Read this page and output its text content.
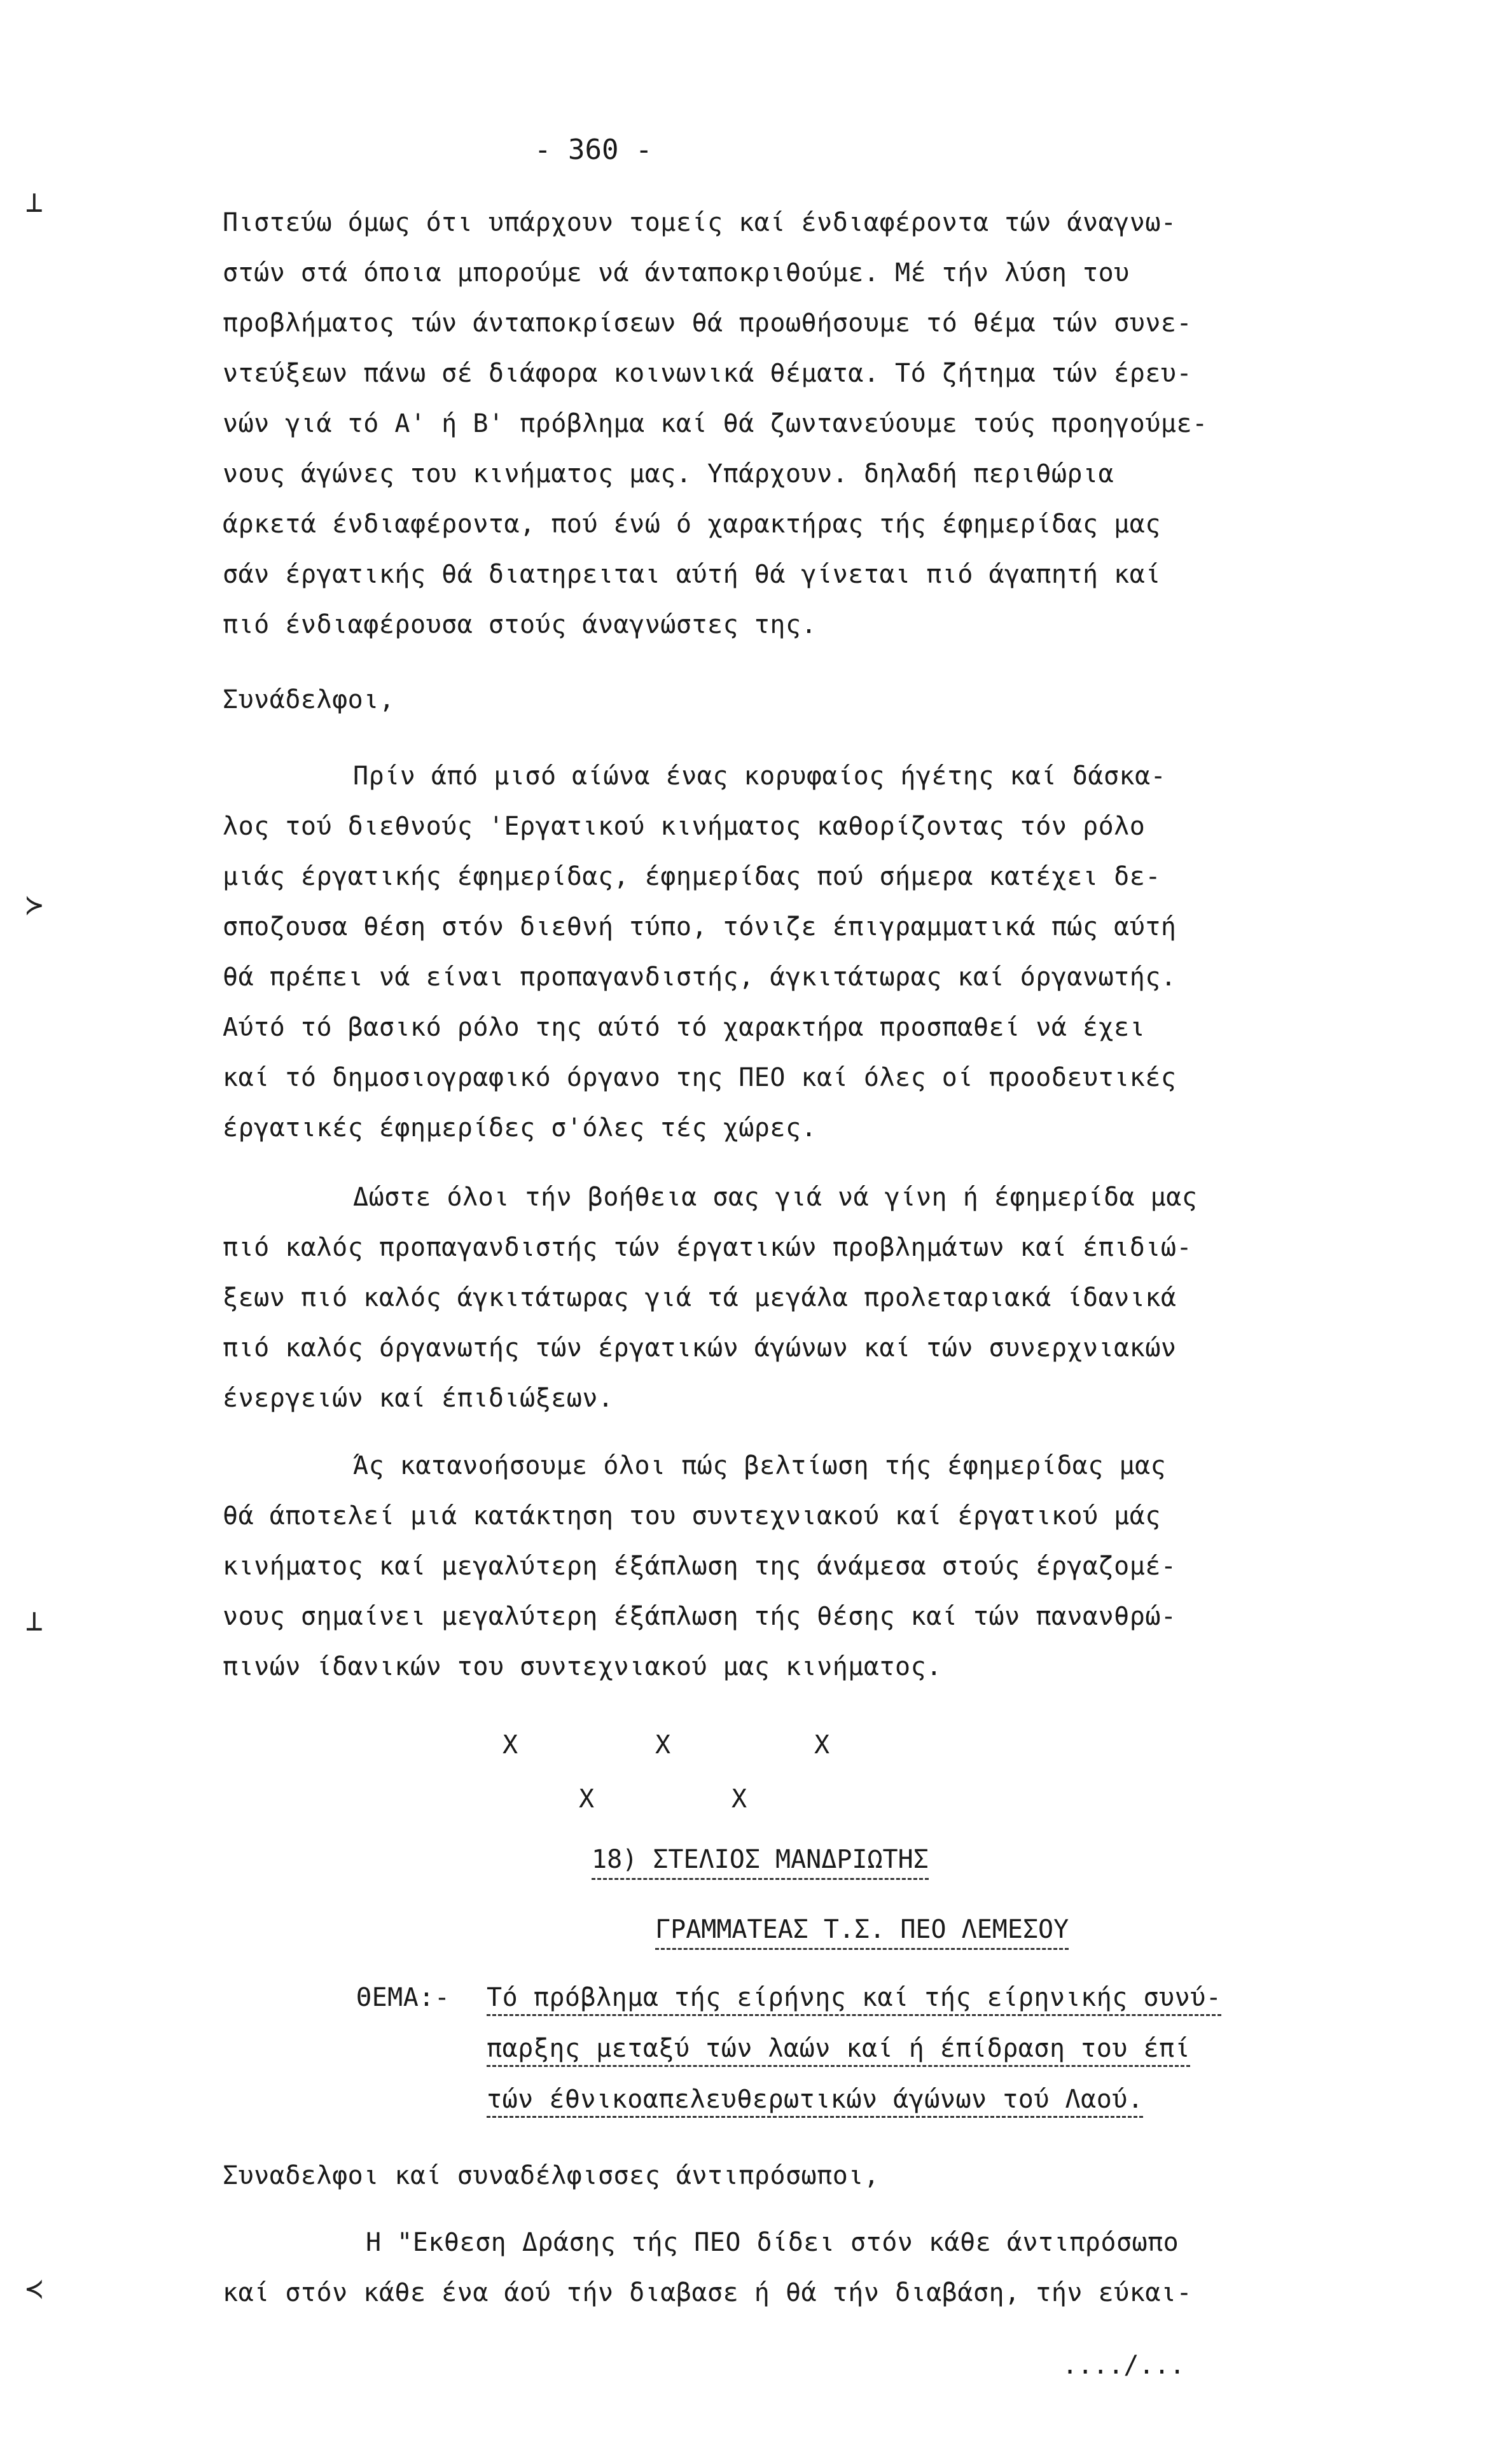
- 360 -
⊥
≻
⊥
≺
Πιστεύω όμως ότι υπάρχουν τομείς καί ένδιαφέροντα τών άναγνω-
στών στά όποια μπορούμε νά άνταποκριθούμε. Μέ τήν λύση του
προβλήματος τών άνταποκρίσεων θά προωθήσουμε τό θέμα τών συνε-
ντεύξεων πάνω σέ διάφορα κοινωνικά θέματα. Τό ζήτημα τών έρευ-
νών γιά τό Α' ή Β' πρόβλημα καί θά ζωντανεύουμε τούς προηγούμε-
νους άγώνες του κινήματος μας. Υπάρχουν. δηλαδή περιθώρια
άρκετά ένδιαφέροντα, πού ένώ ό χαρακτήρας τής έφημερίδας μας
σάν έργατικής θά διατηρειται αύτή θά γίνεται πιό άγαπητή καί
πιό ένδιαφέρουσα στούς άναγνώστες της.
Συνάδελφοι,
Πρίν άπό μισό αίώνα ένας κορυφαίος ήγέτης καί δάσκα-
λος τού διεθνούς 'Εργατικού κινήματος καθορίζοντας τόν ρόλο
μιάς έργατικής έφημερίδας, έφημερίδας πού σήμερα κατέχει δε-
σποζουσα θέση στόν διεθνή τύπο, τόνιζε έπιγραμματικά πώς αύτή
θά πρέπει νά είναι προπαγανδιστής, άγκιτάτωρας καί όργανωτής.
Αύτό τό βασικό ρόλο της αύτό τό χαρακτήρα προσπαθεί νά έχει
καί τό δημοσιογραφικό όργανο της ΠΕΟ καί όλες οί προοδευτικές
έργατικές έφημερίδες σ'όλες τές χώρες.
Δώστε όλοι τήν βοήθεια σας γιά νά γίνη ή έφημερίδα μας
πιό καλός προπαγανδιστής τών έργατικών προβλημάτων καί έπιδιώ-
ξεων πιό καλός άγκιτάτωρας γιά τά μεγάλα προλεταριακά ίδανικά
πιό καλός όργανωτής τών έργατικών άγώνων καί τών συνερχνιακών
ένεργειών καί έπιδιώξεων.
Άς κατανοήσουμε όλοι πώς βελτίωση τής έφημερίδας μας
θά άποτελεί μιά κατάκτηση του συντεχνιακού καί έργατικού μάς
κινήματος καί μεγαλύτερη έξάπλωση της άνάμεσα στούς έργαζομέ-
νους σημαίνει μεγαλύτερη έξάπλωση τής θέσης καί τών πανανθρώ-
πινών ίδανικών του συντεχνιακού μας κινήματος.
X	X	X
X	X
18) ΣΤΕΛΙΟΣ ΜΑΝΔΡΙΩΤΗΣ
ΓΡΑΜΜΑΤΕΑΣ Τ.Σ. ΠΕΟ ΛΕΜΕΣΟΥ
ΘΕΜΑ:-	Τό πρόβλημα τής είρήνης καί τής είρηνικής συνύ-
παρξης μεταξύ τών λαών καί ή έπίδραση του έπί
τών έθνικοαπελευθερωτικών άγώνων τού Λαού.
Συναδελφοι καί συναδέλφισσες άντιπρόσωποι,
Η "Εκθεση Δράσης τής ΠΕΟ δίδει στόν κάθε άντιπρόσωπο
καί στόν κάθε ένα άού τήν διαβασε ή θά τήν διαβάση, τήν εύκαι-
..../...
